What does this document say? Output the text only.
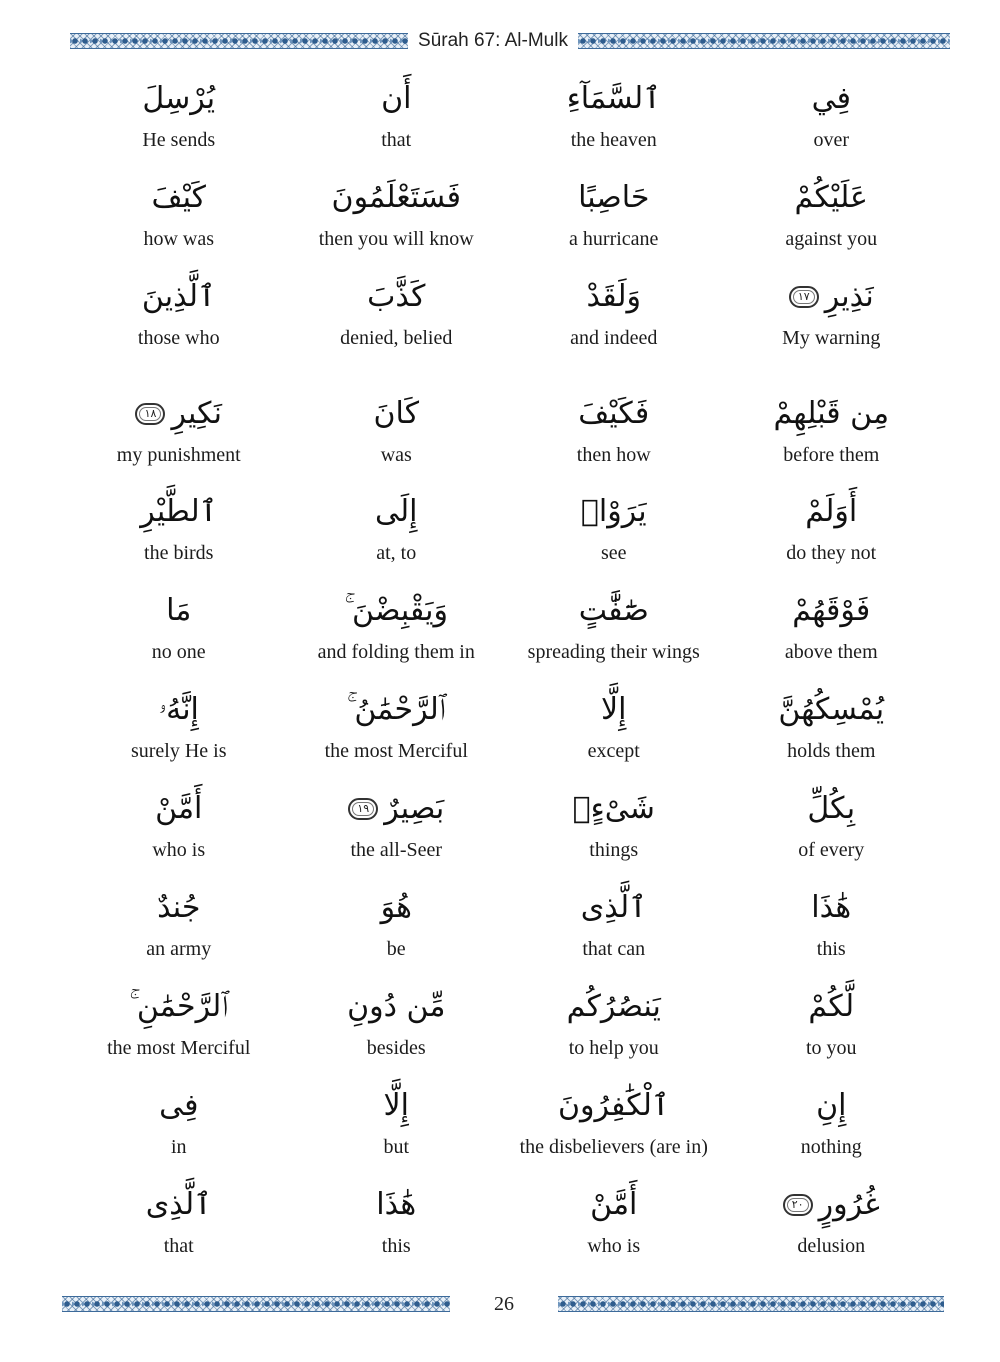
Sūrah 67: Al-Mulk
فِي
over
ٱلسَّمَآءِ
the heaven
أَن
that
يُرْسِلَ
He sends
عَلَيْكُمْ
against you
حَاصِبًا
a hurricane
فَسَتَعْلَمُونَ
then you will know
كَيْفَ
how was
نَذِيرِ
١٧
My warning
وَلَقَدْ
and indeed
كَذَّبَ
denied, belied
ٱلَّذِينَ
those who
مِن قَبْلِهِمْ
before them
فَكَيْفَ
then how
كَانَ
was
نَكِيرِ
١٨
my punishment
أَوَلَمْ
do they not
يَرَوْا۟
see
إِلَى
at, to
ٱلطَّيْرِ
the birds
فَوْقَهُمْ
above them
صَٰٓفَّٰتٍ
spreading their wings
وَيَقْبِضْنَ ۚ
and folding them in
مَا
no one
يُمْسِكُهُنَّ
holds them
إِلَّا
except
ٱلرَّحْمَٰنُ ۚ
the most Merciful
إِنَّهُۥ
surely He is
بِكُلِّ
of every
شَىْءٍۭ
things
بَصِيرٌ
١٩
the all-Seer
أَمَّنْ
who is
هَٰذَا
this
ٱلَّذِى
that can
هُوَ
be
جُندٌ
an army
لَّكُمْ
to you
يَنصُرُكُم
to help you
مِّن دُونِ
besides
ٱلرَّحْمَٰنِ ۚ
the most Merciful
إِنِ
nothing
ٱلْكَٰفِرُونَ
the disbelievers (are in)
إِلَّا
but
فِى
in
غُرُورٍ
٢٠
delusion
أَمَّنْ
who is
هَٰذَا
this
ٱلَّذِى
that
26
